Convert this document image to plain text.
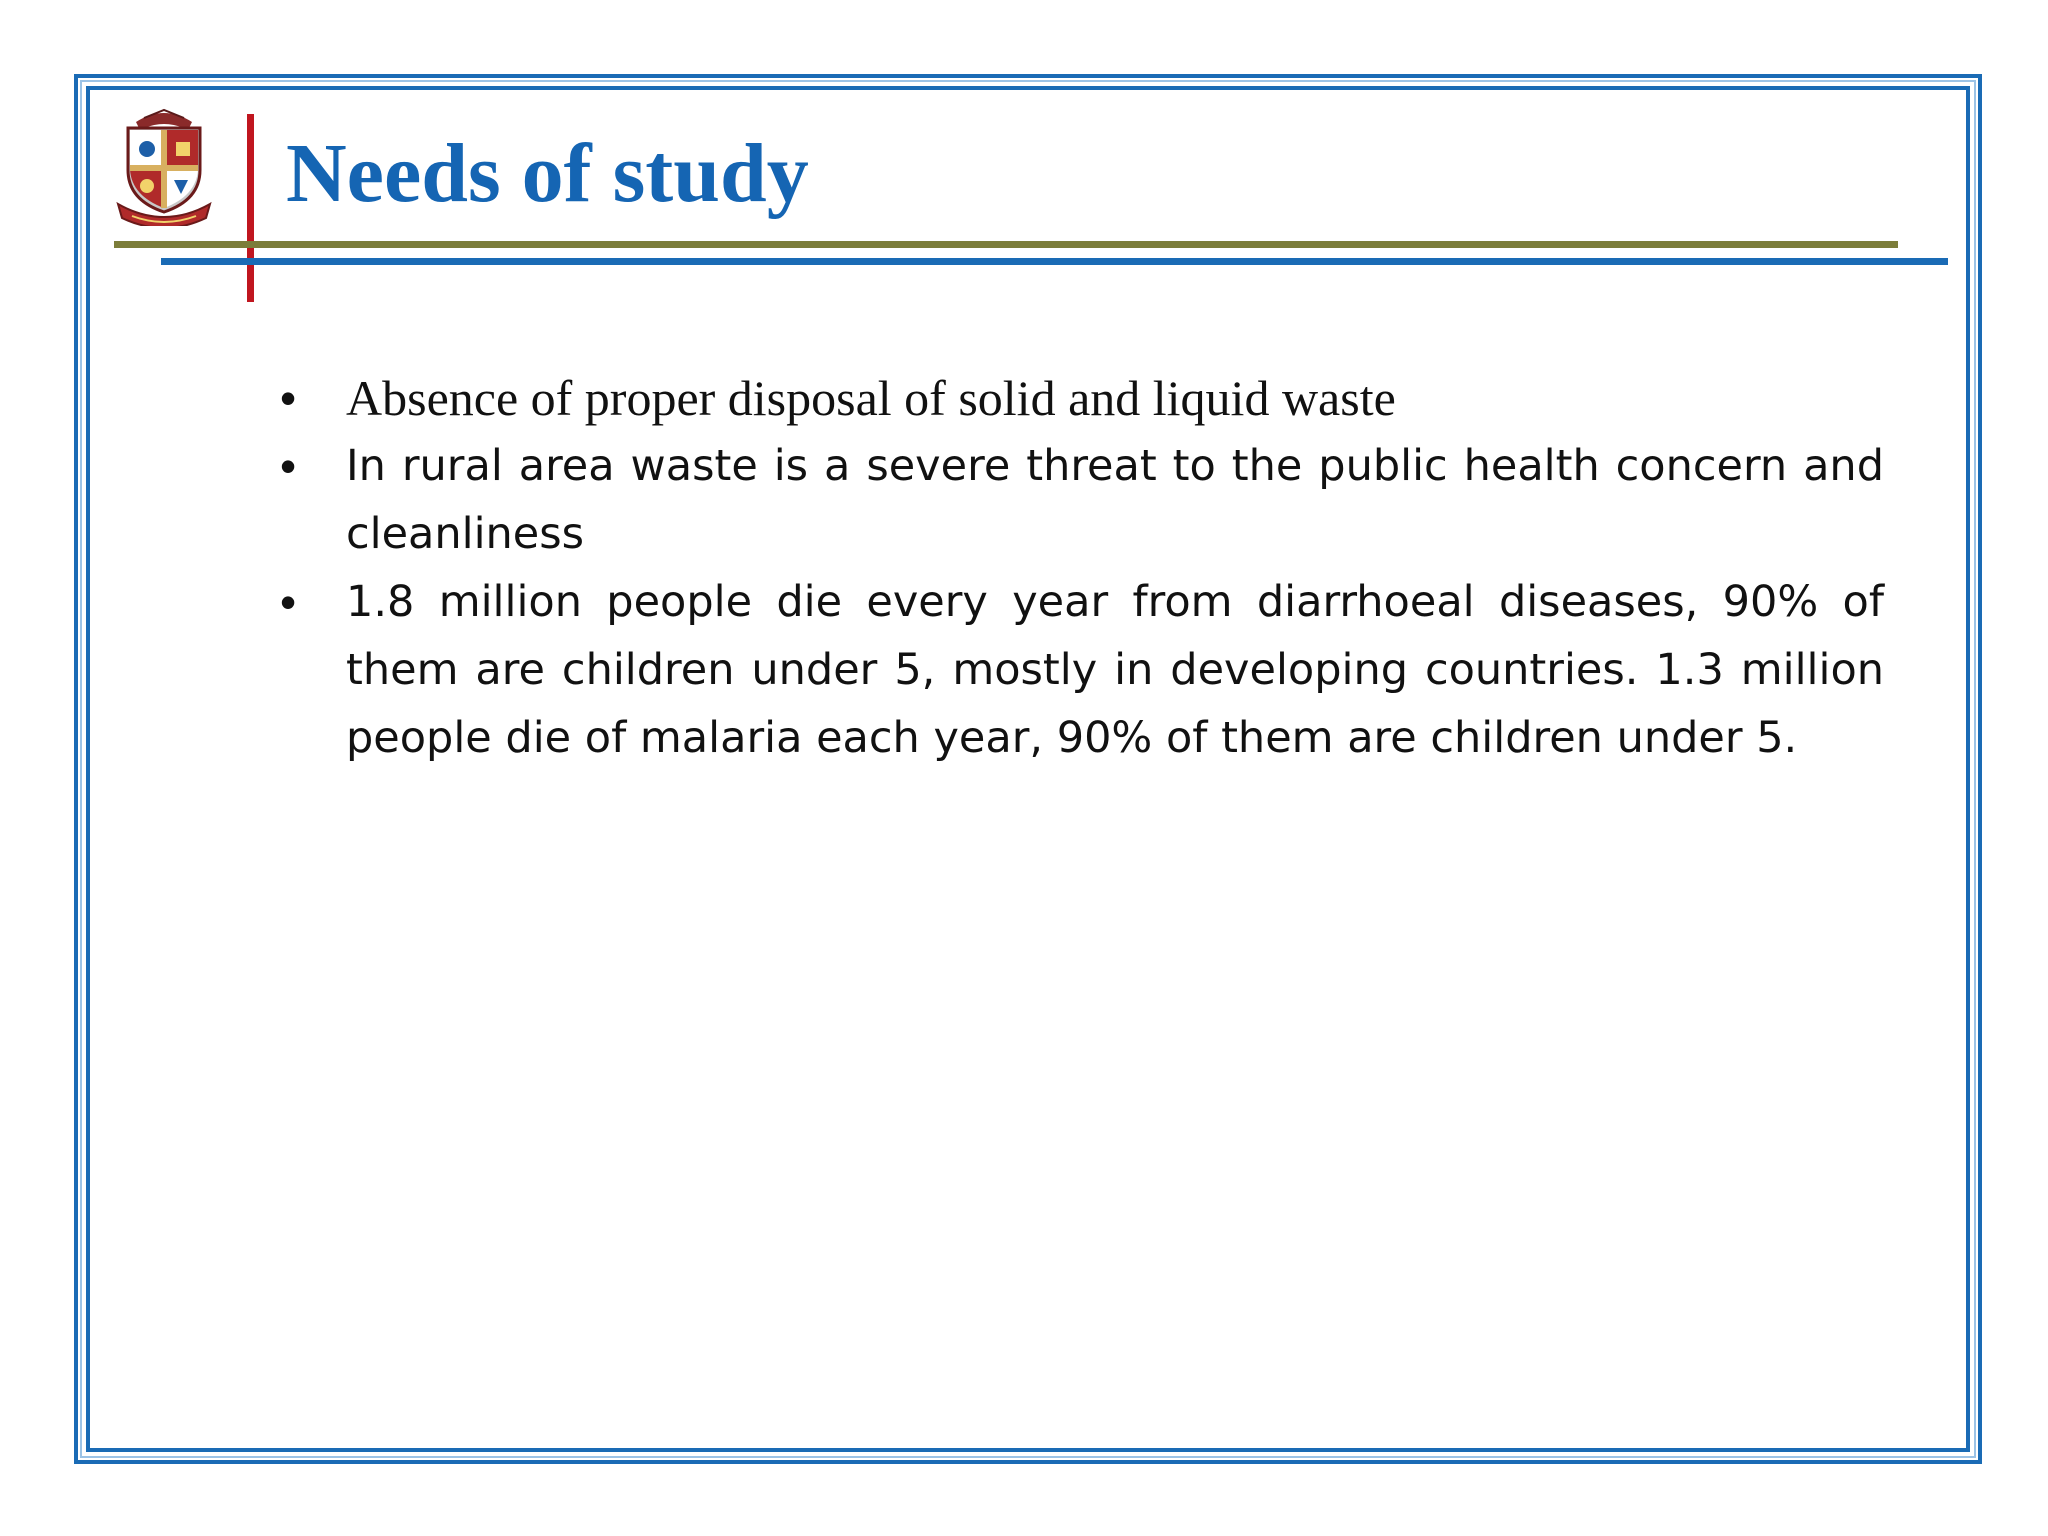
Needs of study
• Absence of proper disposal of solid and liquid waste
• In rural area waste is a severe threat to the public health concern and cleanliness
• 1.8 million people die every year from diarrhoeal diseases, 90% of them are children under 5, mostly in developing countries. 1.3 million people die of malaria each year, 90% of them are children under 5.
